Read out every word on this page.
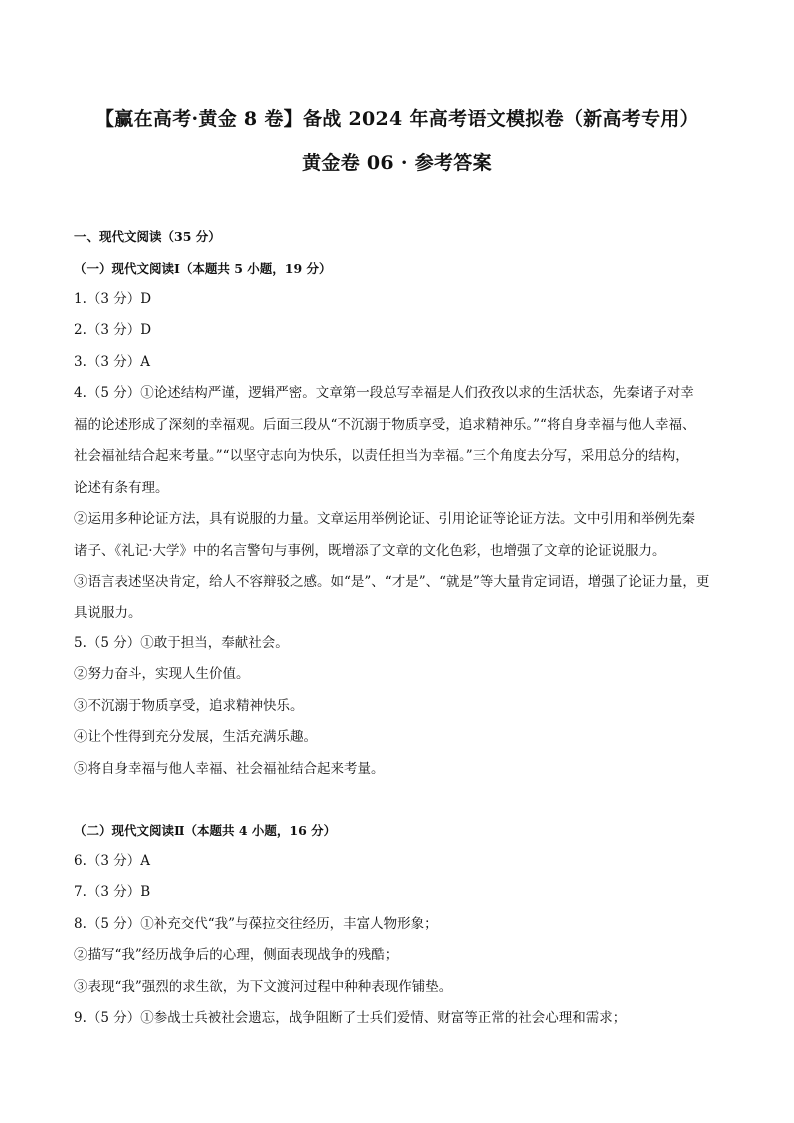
【赢在高考·黄金 8 卷】备战 2024 年高考语文模拟卷（新高考专用）
黄金卷 06 · 参考答案
一、现代文阅读（35 分）
（一）现代文阅读Ⅰ（本题共 5 小题，19 分）
1.（3 分）D
2.（3 分）D
3.（3 分）A
4.（5 分）①论述结构严谨，逻辑严密。文章第一段总写幸福是人们孜孜以求的生活状态，先秦诸子对幸
福的论述形成了深刻的幸福观。后面三段从“不沉溺于物质享受，追求精神乐。”“将自身幸福与他人幸福、
社会福祉结合起来考量。”“以坚守志向为快乐，以责任担当为幸福。”三个角度去分写，采用总分的结构，
论述有条有理。
②运用多种论证方法，具有说服的力量。文章运用举例论证、引用论证等论证方法。文中引用和举例先秦
诸子、《礼记·大学》中的名言警句与事例，既增添了文章的文化色彩，也增强了文章的论证说服力。
③语言表述坚决肯定，给人不容辩驳之感。如“是”、“才是”、“就是”等大量肯定词语，增强了论证力量，更
具说服力。
5.（5 分）①敢于担当，奉献社会。
②努力奋斗，实现人生价值。
③不沉溺于物质享受，追求精神快乐。
④让个性得到充分发展，生活充满乐趣。
⑤将自身幸福与他人幸福、社会福祉结合起来考量。
（二）现代文阅读Ⅱ（本题共 4 小题，16 分）
6.（3 分）A
7.（3 分）B
8.（5 分）①补充交代“我”与葆拉交往经历，丰富人物形象；
②描写“我”经历战争后的心理，侧面表现战争的残酷；
③表现“我”强烈的求生欲，为下文渡河过程中种种表现作铺垫。
9.（5 分）①参战士兵被社会遗忘，战争阻断了士兵们爱情、财富等正常的社会心理和需求；
